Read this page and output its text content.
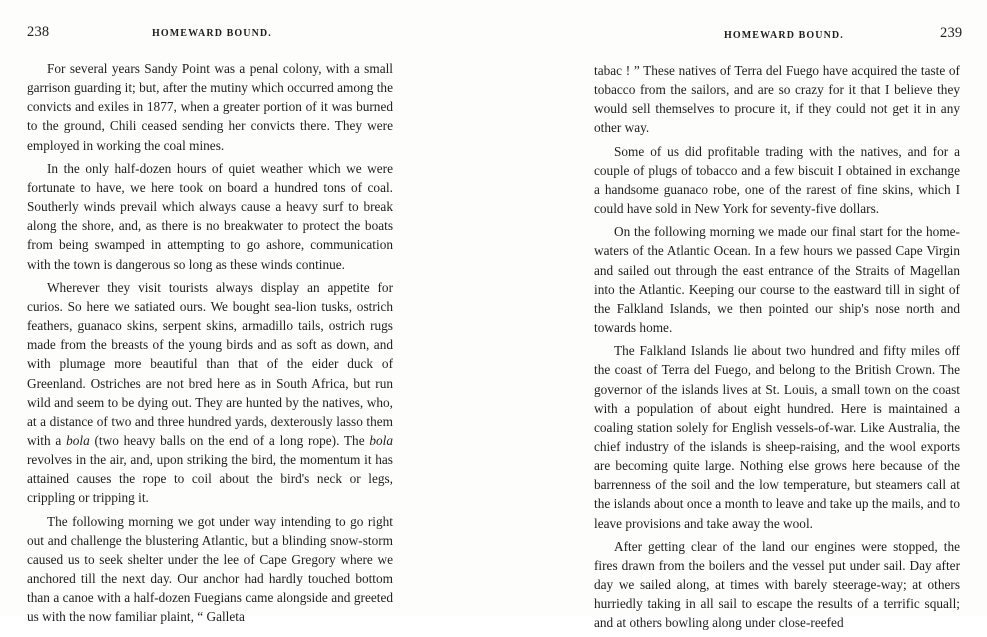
238	HOMEWARD BOUND.

For several years Sandy Point was a penal colony, with a small garrison guarding it; but, after the mutiny which occurred among the convicts and exiles in 1877, when a greater portion of it was burned to the ground, Chili ceased sending her convicts there. They were employed in working the coal mines.

In the only half-dozen hours of quiet weather which we were fortunate to have, we here took on board a hundred tons of coal. Southerly winds prevail which always cause a heavy surf to break along the shore, and, as there is no breakwater to protect the boats from being swamped in attempting to go ashore, communication with the town is dangerous so long as these winds continue.

Wherever they visit tourists always display an appetite for curios. So here we satiated ours. We bought sea-lion tusks, ostrich feathers, guanaco skins, serpent skins, armadillo tails, ostrich rugs made from the breasts of the young birds and as soft as down, and with plumage more beautiful than that of the eider duck of Greenland. Ostriches are not bred here as in South Africa, but run wild and seem to be dying out. They are hunted by the natives, who, at a distance of two and three hundred yards, dexterously lasso them with a bola (two heavy balls on the end of a long rope). The bola revolves in the air, and, upon striking the bird, the momentum it has attained causes the rope to coil about the bird's neck or legs, crippling or tripping it.

The following morning we got under way intending to go right out and challenge the blustering Atlantic, but a blinding snow-storm caused us to seek shelter under the lee of Cape Gregory where we anchored till the next day. Our anchor had hardly touched bottom than a canoe with a half-dozen Fuegians came alongside and greeted us with the now familiar plaint, “ Galleta

HOMEWARD BOUND.	239

tabac ! ” These natives of Terra del Fuego have acquired the taste of tobacco from the sailors, and are so crazy for it that I believe they would sell themselves to procure it, if they could not get it in any other way.

Some of us did profitable trading with the natives, and for a couple of plugs of tobacco and a few biscuit I obtained in exchange a handsome guanaco robe, one of the rarest of fine skins, which I could have sold in New York for seventy-five dollars.

On the following morning we made our final start for the home-waters of the Atlantic Ocean. In a few hours we passed Cape Virgin and sailed out through the east entrance of the Straits of Magellan into the Atlantic. Keeping our course to the eastward till in sight of the Falkland Islands, we then pointed our ship's nose north and towards home.

The Falkland Islands lie about two hundred and fifty miles off the coast of Terra del Fuego, and belong to the British Crown. The governor of the islands lives at St. Louis, a small town on the coast with a population of about eight hundred. Here is maintained a coaling station solely for English vessels-of-war. Like Australia, the chief industry of the islands is sheep-raising, and the wool exports are becoming quite large. Nothing else grows here because of the barrenness of the soil and the low temperature, but steamers call at the islands about once a month to leave and take up the mails, and to leave provisions and take away the wool.

After getting clear of the land our engines were stopped, the fires drawn from the boilers and the vessel put under sail. Day after day we sailed along, at times with barely steerage-way; at others hurriedly taking in all sail to escape the results of a terrific squall; and at others bowling along under close-reefed
